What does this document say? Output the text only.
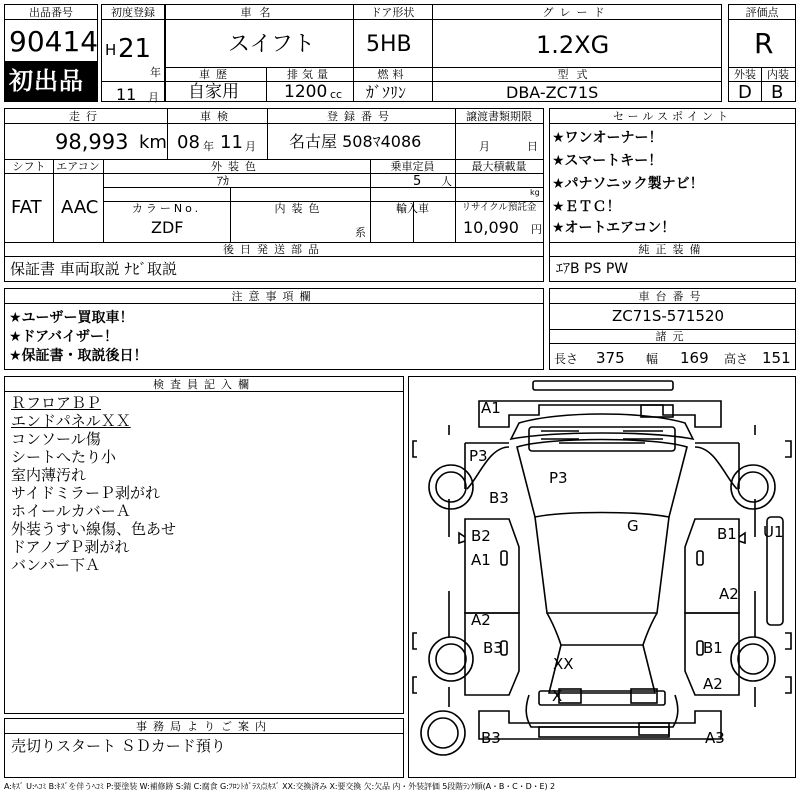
出品番号
90414
初出品
初度登録
H 21
年
11 月
車名
スイフト
ドア形状
5HB
グレード
1.2XG
車歴
自家用
排気量
1200 cc
燃料
ｶﾞｿﾘﾝ
型式
DBA-ZC71S
評価点
R
外装	内装
D B
走行
98,993 km
車検
08 年 11 月
登録番号
名古屋 508ﾏ4086
譲渡書類期限
月	日
シフト
FAT
エアコン
AAC
外装色
ｱｶ
乗車定員
5 人
最大積載量
kg
カラーNo.
ZDF
内装色
系
輸入車	リサイクル預託金
10,090 円
後日発送部品
保証書 車両取説 ﾅﾋﾞ取説
セールスポイント
★ワンオーナー！
★スマートキー！
★パナソニック製ナビ！
★ＥＴＣ！
★オートエアコン！
純正装備
ｴｱB PS PW
注意事項欄
★ユーザー買取車！
★ドアバイザー！
★保証書・取説後日！
車台番号
ZC71S-571520
諸元
長さ 375 幅 169 高さ 151
検査員記入欄
ＲフロアＢＰ
エンドパネルＸＸ
コンソール傷
シートへたり小
室内薄汚れ
サイドミラーＰ剥がれ
ホイールカバーＡ
外装うすい線傷、色あせ
ドアノブＰ剥がれ
バンパー下Ａ
事務局よりご案内
売切りスタート ＳＤカード預り
A1
P3
P3
B3
G
B2
A1
B1 U1
A2
A2
B3	B1
A2
XX
X
B3	A3
A:ｷｽﾞ U:ﾍｺﾐ B:ｷｽﾞを伴うﾍｺﾐ P:要塗装 W:補修跡 S:錆 C:腐食 G:ﾌﾛﾝﾄｶﾞﾗｽ点ｷｽﾞ XX:交換済み X:要交換 欠:欠品 内・外装評価 5段階ﾗﾝｸ順(A・B・C・D・E) 2
